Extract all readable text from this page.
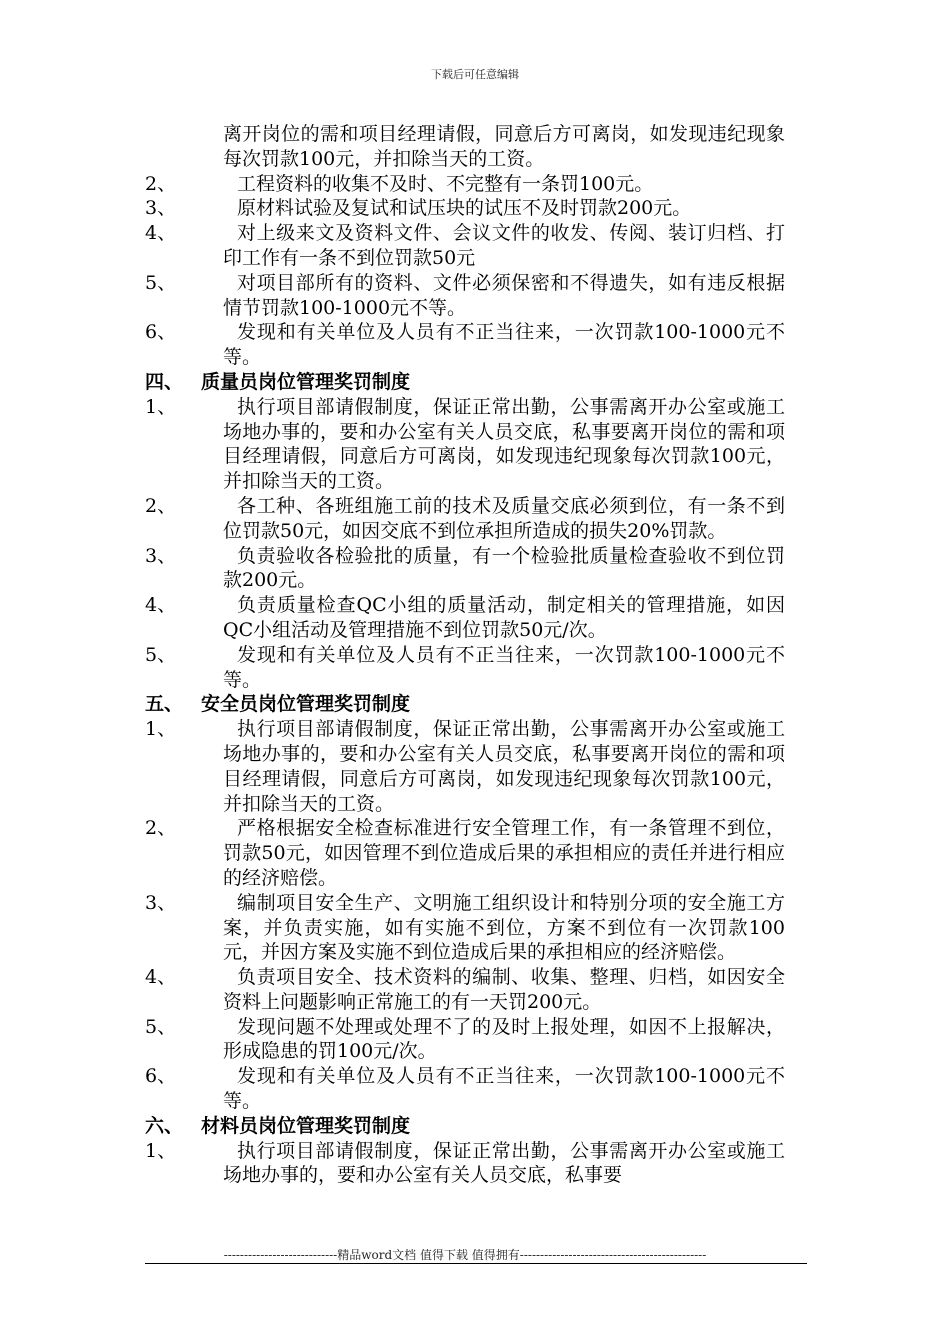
下载后可任意编辑
离开岗位的需和项目经理请假，同意后方可离岗，如发现违纪现象每次罚款100元，并扣除当天的工资。
2、	工程资料的收集不及时、不完整有一条罚100元。
3、	原材料试验及复试和试压块的试压不及时罚款200元。
4、	对上级来文及资料文件、会议文件的收发、传阅、装订归档、打印工作有一条不到位罚款50元
5、	对项目部所有的资料、文件必须保密和不得遗失，如有违反根据情节罚款100-1000元不等。
6、	发现和有关单位及人员有不正当往来，一次罚款100-1000元不等。
四、 质量员岗位管理奖罚制度
1、	执行项目部请假制度，保证正常出勤，公事需离开办公室或施工场地办事的，要和办公室有关人员交底，私事要离开岗位的需和项目经理请假，同意后方可离岗，如发现违纪现象每次罚款100元，并扣除当天的工资。
2、	各工种、各班组施工前的技术及质量交底必须到位，有一条不到位罚款50元，如因交底不到位承担所造成的损失20%罚款。
3、	负责验收各检验批的质量，有一个检验批质量检查验收不到位罚款200元。
4、	负责质量检查QC小组的质量活动，制定相关的管理措施，如因QC小组活动及管理措施不到位罚款50元/次。
5、	发现和有关单位及人员有不正当往来，一次罚款100-1000元不等。
五、 安全员岗位管理奖罚制度
1、	执行项目部请假制度，保证正常出勤，公事需离开办公室或施工场地办事的，要和办公室有关人员交底，私事要离开岗位的需和项目经理请假，同意后方可离岗，如发现违纪现象每次罚款100元，并扣除当天的工资。
2、	严格根据安全检查标准进行安全管理工作，有一条管理不到位，罚款50元，如因管理不到位造成后果的承担相应的责任并进行相应的经济赔偿。
3、	编制项目安全生产、文明施工组织设计和特别分项的安全施工方案，并负责实施，如有实施不到位，方案不到位有一次罚款100元，并因方案及实施不到位造成后果的承担相应的经济赔偿。
4、	负责项目安全、技术资料的编制、收集、整理、归档，如因安全资料上问题影响正常施工的有一天罚200元。
5、	发现问题不处理或处理不了的及时上报处理，如因不上报解决，形成隐患的罚100元/次。
6、	发现和有关单位及人员有不正当往来，一次罚款100-1000元不等。
六、 材料员岗位管理奖罚制度
1、	执行项目部请假制度，保证正常出勤，公事需离开办公室或施工场地办事的，要和办公室有关人员交底，私事要
----------------------------精品word文档 值得下载 值得拥有----------------------------------------------
